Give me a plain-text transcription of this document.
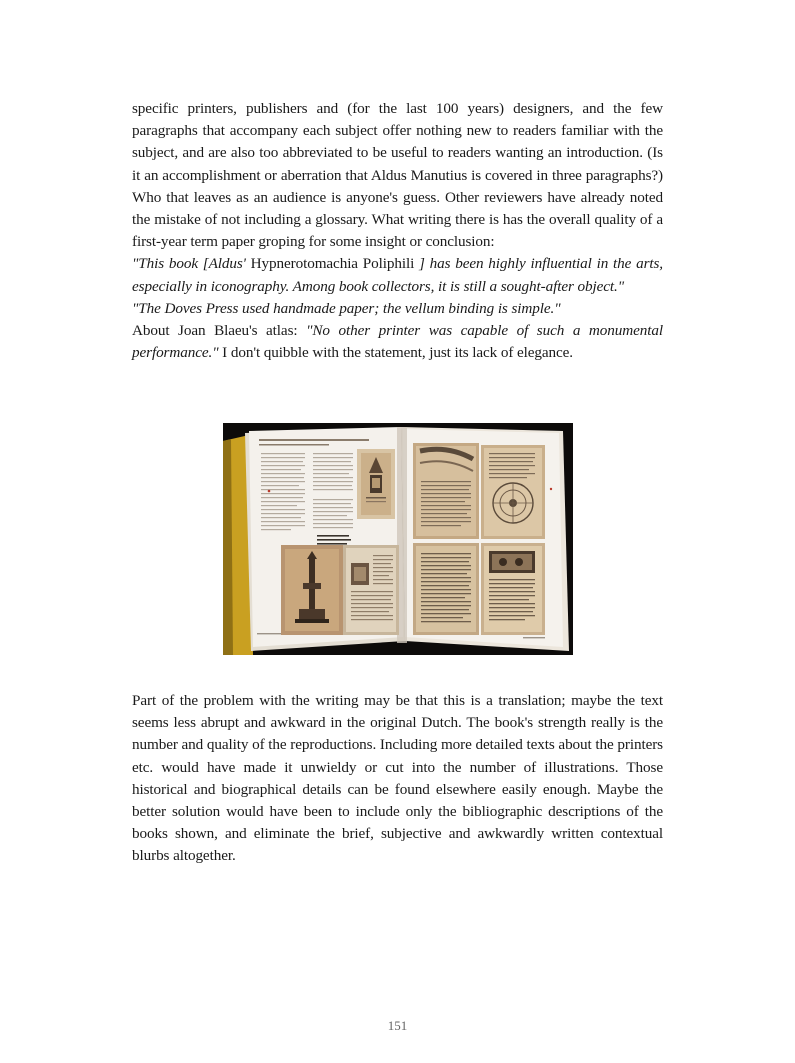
specific printers, publishers and (for the last 100 years) designers, and the few paragraphs that accompany each subject offer nothing new to readers familiar with the subject, and are also too abbreviated to be useful to readers wanting an introduction. (Is it an accomplishment or aberration that Aldus Manutius is covered in three paragraphs?) Who that leaves as an audience is anyone's guess. Other reviewers have already noted the mistake of not including a glossary. What writing there is has the overall quality of a first-year term paper groping for some insight or conclusion:

"This book [Aldus' Hypnerotomachia Poliphili ] has been highly influential in the arts, especially in iconography. Among book collectors, it is still a sought-after object."

"The Doves Press used handmade paper; the vellum binding is simple."

About Joan Blaeu's atlas: "No other printer was capable of such a monumental performance." I don't quibble with the statement, just its lack of elegance.

Part of the problem with the writing may be that this is a translation; maybe the text seems less abrupt and awkward in the original Dutch. The book's strength really is the number and quality of the reproductions. Including more detailed texts about the printers etc. would have made it unwieldy or cut into the number of illustrations. Those historical and biographical details can be found elsewhere easily enough. Maybe the better solution would have been to include only the bibliographic descriptions of the books shown, and eliminate the brief, subjective and awkwardly written contextual blurbs altogether.

151
